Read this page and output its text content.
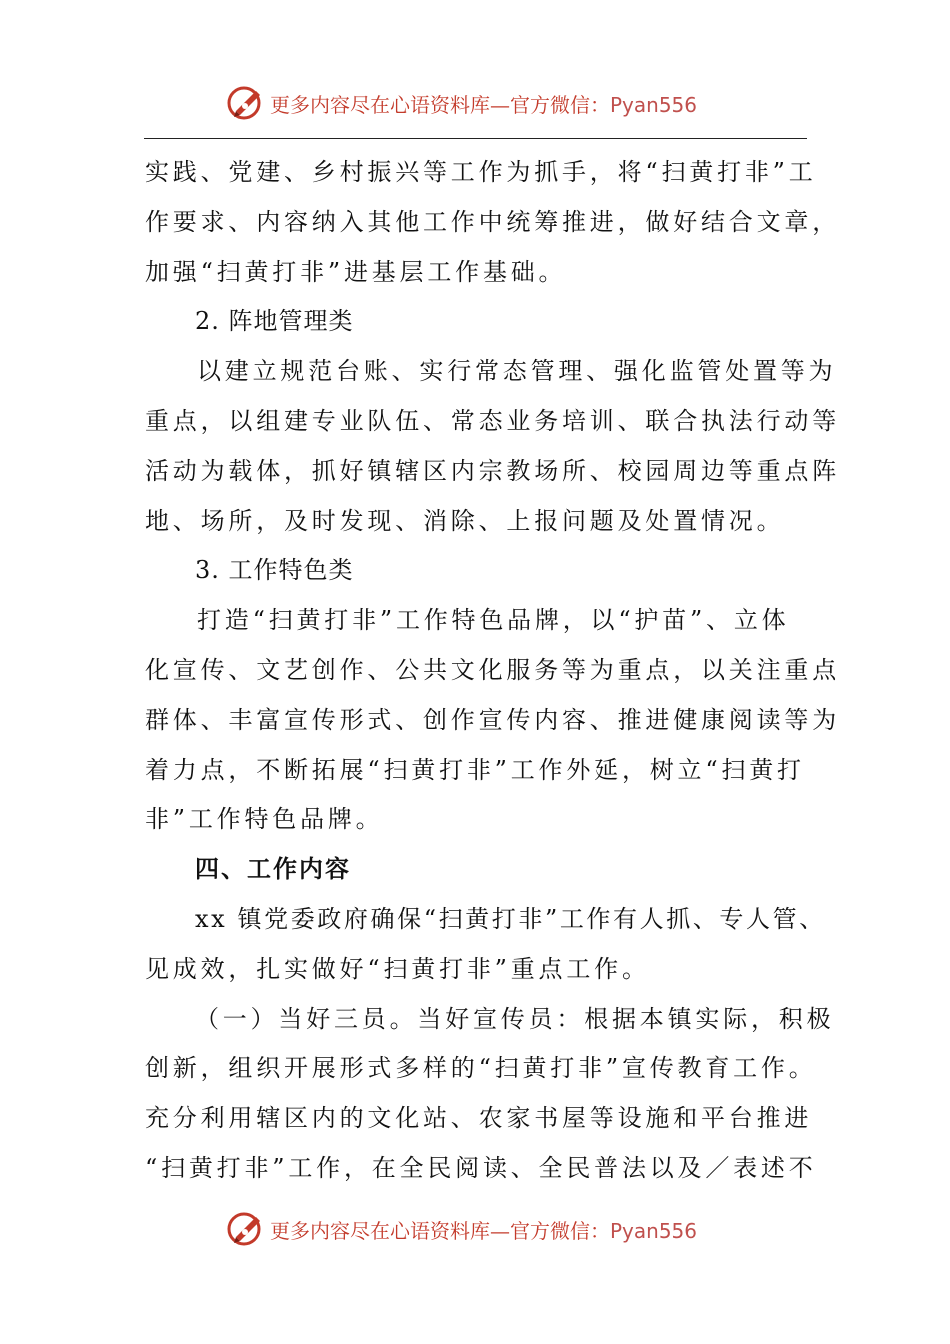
更多内容尽在心语资料库—官方微信：Pyan556
实践、党建、乡村振兴等工作为抓手，将“扫黄打非”工
作要求、内容纳入其他工作中统筹推进，做好结合文章，
加强“扫黄打非”进基层工作基础。
2. 阵地管理类
以建立规范台账、实行常态管理、强化监管处置等为
重点，以组建专业队伍、常态业务培训、联合执法行动等
活动为载体，抓好镇辖区内宗教场所、校园周边等重点阵
地、场所，及时发现、消除、上报问题及处置情况。
3. 工作特色类
打造“扫黄打非”工作特色品牌，以“护苗”、立体
化宣传、文艺创作、公共文化服务等为重点，以关注重点
群体、丰富宣传形式、创作宣传内容、推进健康阅读等为
着力点，不断拓展“扫黄打非”工作外延，树立“扫黄打
非”工作特色品牌。
四、工作内容
xx 镇党委政府确保“扫黄打非”工作有人抓、专人管、
见成效，扎实做好“扫黄打非”重点工作。
（一）当好三员。当好宣传员：根据本镇实际，积极
创新，组织开展形式多样的“扫黄打非”宣传教育工作。
充分利用辖区内的文化站、农家书屋等设施和平台推进
“扫黄打非”工作，在全民阅读、全民普法以及／表述不
更多内容尽在心语资料库—官方微信：Pyan556
